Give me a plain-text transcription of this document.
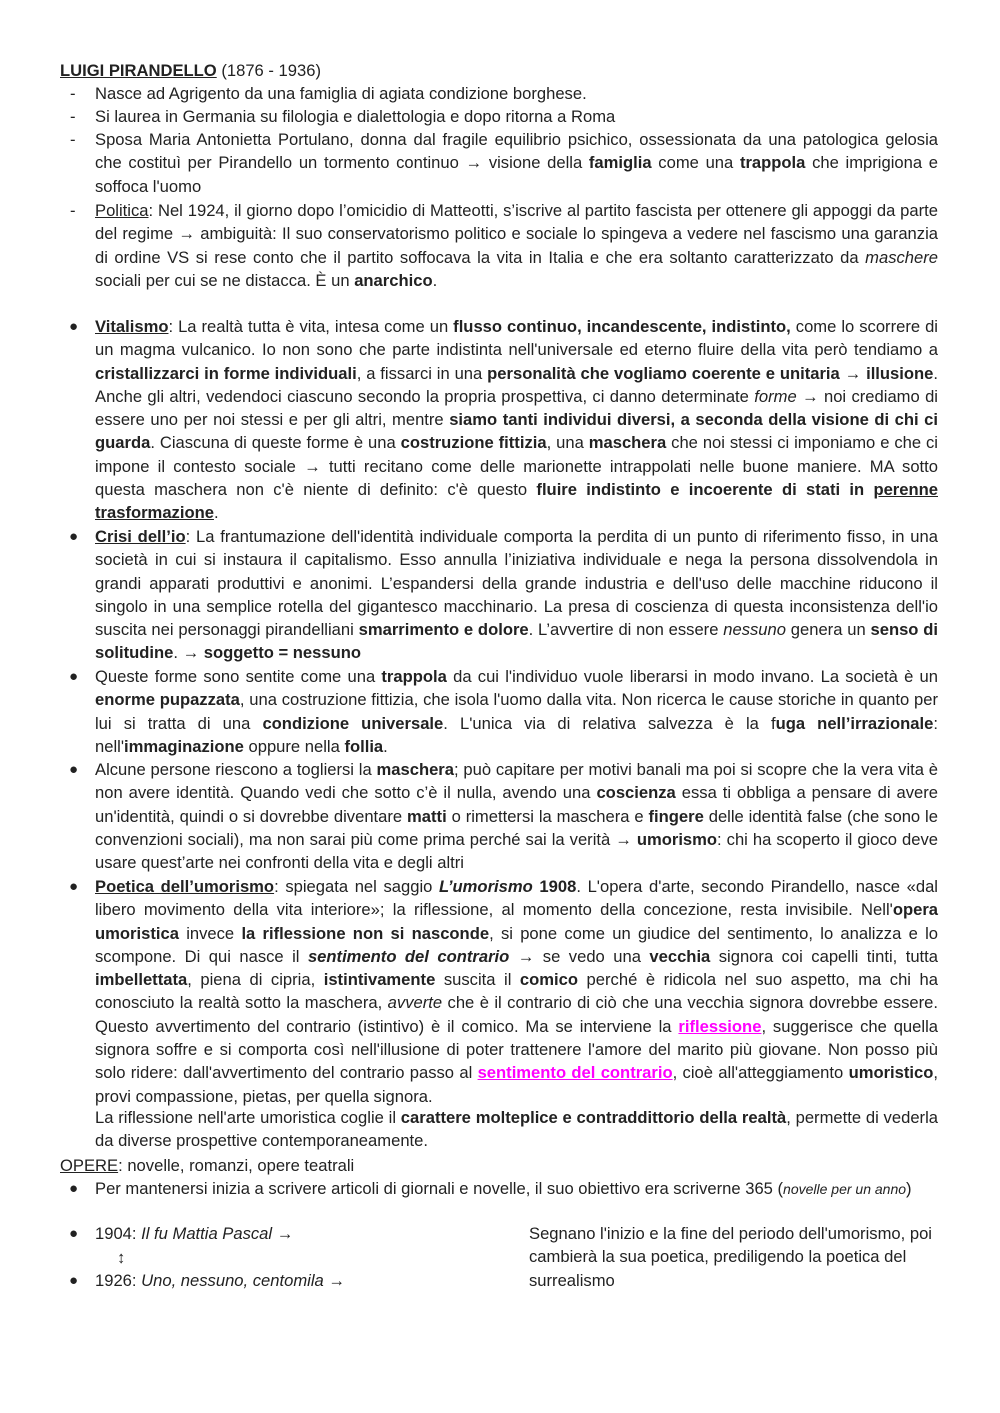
LUIGI PIRANDELLO (1876 - 1936)
- Nasce ad Agrigento da una famiglia di agiata condizione borghese.
- Si laurea in Germania su filologia e dialettologia e dopo ritorna a Roma
- Sposa Maria Antonietta Portulano, donna dal fragile equilibrio psichico, ossessionata da una patologica gelosia che costituì per Pirandello un tormento continuo → visione della famiglia come una trappola che imprigiona e soffoca l'uomo
- Politica: Nel 1924, il giorno dopo l’omicidio di Matteotti, s’iscrive al partito fascista per ottenere gli appoggi da parte del regime → ambiguità: Il suo conservatorismo politico e sociale lo spingeva a vedere nel fascismo una garanzia di ordine VS si rese conto che il partito soffocava la vita in Italia e che era soltanto caratterizzato da maschere sociali per cui se ne distacca. È un anarchico.
● Vitalismo: La realtà tutta è vita, intesa come un flusso continuo, incandescente, indistinto, come lo scorrere di un magma vulcanico. Io non sono che parte indistinta nell'universale ed eterno fluire della vita però tendiamo a cristallizzarci in forme individuali, a fissarci in una personalità che vogliamo coerente e unitaria → illusione. Anche gli altri, vedendoci ciascuno secondo la propria prospettiva, ci danno determinate forme → noi crediamo di essere uno per noi stessi e per gli altri, mentre siamo tanti individui diversi, a seconda della visione di chi ci guarda. Ciascuna di queste forme è una costruzione fittizia, una maschera che noi stessi ci imponiamo e che ci impone il contesto sociale → tutti recitano come delle marionette intrappolati nelle buone maniere. MA sotto questa maschera non c'è niente di definito: c'è questo fluire indistinto e incoerente di stati in perenne trasformazione.
● Crisi dell’io: La frantumazione dell'identità individuale comporta la perdita di un punto di riferimento fisso, in una società in cui si instaura il capitalismo. Esso annulla l’iniziativa individuale e nega la persona dissolvendola in grandi apparati produttivi e anonimi. L’espandersi della grande industria e dell'uso delle macchine riducono il singolo in una semplice rotella del gigantesco macchinario. La presa di coscienza di questa inconsistenza dell'io suscita nei personaggi pirandelliani smarrimento e dolore. L’avvertire di non essere nessuno genera un senso di solitudine. → soggetto = nessuno
● Queste forme sono sentite come una trappola da cui l'individuo vuole liberarsi in modo invano. La società è un enorme pupazzata, una costruzione fittizia, che isola l'uomo dalla vita. Non ricerca le cause storiche in quanto per lui si tratta di una condizione universale. L'unica via di relativa salvezza è la fuga nell’irrazionale: nell'immaginazione oppure nella follia.
● Alcune persone riescono a togliersi la maschera; può capitare per motivi banali ma poi si scopre che la vera vita è non avere identità. Quando vedi che sotto c’è il nulla, avendo una coscienza essa ti obbliga a pensare di avere un'identità, quindi o si dovrebbe diventare matti o rimettersi la maschera e fingere delle identità false (che sono le convenzioni sociali), ma non sarai più come prima perché sai la verità → umorismo: chi ha scoperto il gioco deve usare quest’arte nei confronti della vita e degli altri
● Poetica dell’umorismo: spiegata nel saggio L’umorismo 1908. L'opera d'arte, secondo Pirandello, nasce «dal libero movimento della vita interiore»; la riflessione, al momento della concezione, resta invisibile. Nell'opera umoristica invece la riflessione non si nasconde, si pone come un giudice del sentimento, lo analizza e lo scompone. Di qui nasce il sentimento del contrario → se vedo una vecchia signora coi capelli tinti, tutta imbellettata, piena di cipria, istintivamente suscita il comico perché è ridicola nel suo aspetto, ma chi ha conosciuto la realtà sotto la maschera, avverte che è il contrario di ciò che una vecchia signora dovrebbe essere. Questo avvertimento del contrario (istintivo) è il comico. Ma se interviene la riflessione, suggerisce che quella signora soffre e si comporta così nell'illusione di poter trattenere l'amore del marito più giovane. Non posso più solo ridere: dall'avvertimento del contrario passo al sentimento del contrario, cioè all'atteggiamento umoristico, provi compassione, pietas, per quella signora.
La riflessione nell'arte umoristica coglie il carattere molteplice e contraddittorio della realtà, permette di vederla da diverse prospettive contemporaneamente.
OPERE: novelle, romanzi, opere teatrali
● Per mantenersi inizia a scrivere articoli di giornali e novelle, il suo obiettivo era scriverne 365 (novelle per un anno)
● 1904: Il fu Mattia Pascal →
↕
● 1926: Uno, nessuno, centomila →
Segnano l'inizio e la fine del periodo dell'umorismo, poi cambierà la sua poetica, prediligendo la poetica del surrealismo
